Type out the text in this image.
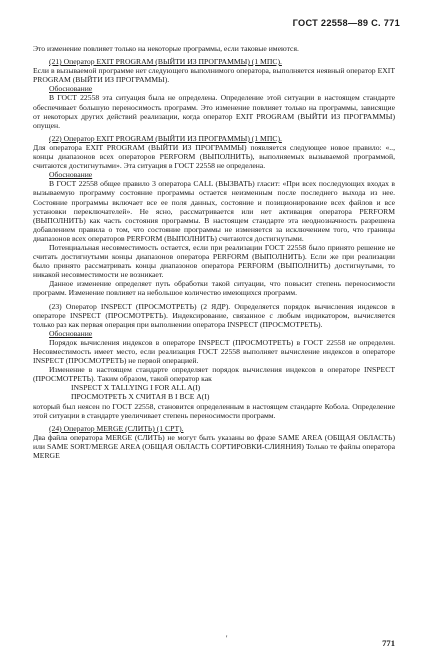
ГОСТ 22558—89 С. 771

Это изменение повлияет только на некоторые программы, если таковые имеются.

(21) Оператор EXIT PROGRAM (ВЫЙТИ ИЗ ПРОГРАММЫ) (1 МПС).

Если в вызываемой программе нет следующего выполнимого оператора, выполняется неявный оператор EXIT PROGRAM (ВЫЙТИ ИЗ ПРОГРАММЫ).

Обоснование

В ГОСТ 22558 эта ситуация была не определена. Определение этой ситуации в настоящем стандарте обеспечивает большую переносимость программ. Это изменение повлияет только на программы, зависящие от некоторых других действий реализации, когда оператор EXIT PROGRAM (ВЫЙТИ ИЗ ПРОГРАММЫ) опущен.

(22) Оператор EXIT PROGRAM (ВЫЙТИ ИЗ ПРОГРАММЫ) (1 МПС).

Для оператора EXIT PROGRAM (ВЫЙТИ ИЗ ПРОГРАММЫ) появляется следующее новое правило: «.., концы диапазонов всех операторов PERFORM (ВЫПОЛНИТЬ), выполняемых вызываемой программой, считаются достигнутыми». Эта ситуация в ГОСТ 22558 не определена.

Обоснование

В ГОСТ 22558 общее правило 3 оператора CALL (ВЫЗВАТЬ) гласит: «При всех последующих входах в вызываемую программу состояние программы остается неизменным после последнего выхода из нее. Состояние программы включает все ее поля данных, состояние и позиционирование всех файлов и все установки переключателей». Не ясно, рассматривается или нет активация оператора PERFORM (ВЫПОЛНИТЬ) как часть состояния программы. В настоящем стандарте эта неоднозначность разрешена добавлением правила о том, что состояние программы не изменяется за исключением того, что границы диапазонов всех операторов PERFORM (ВЫПОЛНИТЬ) считаются достигнутыми.

Потенциальная несовместимость остается, если при реализации ГОСТ 22558 было принято решение не считать достигнутыми концы диапазонов оператора PERFORM (ВЫПОЛНИТЬ). Если же при реализации было принято рассматривать концы диапазонов оператора PERFORM (ВЫПОЛНИТЬ) достигнутыми, то никакой несовместимости не возникает.

Данное изменение определяет путь обработки такой ситуации, что повысит степень переносимости программ. Изменение повлияет на небольшое количество имеющихся программ.

(23) Оператор INSPECT (ПРОСМОТРЕТЬ) (2 ЯДР). Определяется порядок вычисления индексов в операторе INSPECT (ПРОСМОТРЕТЬ). Индексирование, связанное с любым индикатором, вычисляется только раз как первая операция при выполнении оператора INSPECT (ПРОСМОТРЕТЬ).

Обоснование

Порядок вычисления индексов в операторе INSPECT (ПРОСМОТРЕТЬ) в ГОСТ 22558 не определен. Несовместимость имеет место, если реализация ГОСТ 22558 выполняет вычисление индексов в операторе INSPECT (ПРОСМОТРЕТЬ) не первой операцией.

Изменение в настоящем стандарте определяет порядок вычисления индексов в операторе INSPECT (ПРОСМОТРЕТЬ). Таким образом, такой оператор как

INSPECT X TALLYING I FOR ALL A(I)

ПРОСМОТРЕТЬ X СЧИТАЯ В I ВСЕ А(I)

который был неясен по ГОСТ 22558, становится определенным в настоящем стандарте Кобола. Определение этой ситуации в стандарте увеличивает степень переносимости программ.

(24) Оператор MERGE (СЛИТЬ) (1 СРТ).

Два файла оператора MERGE (СЛИТЬ) не могут быть указаны во фразе SAME AREA (ОБЩАЯ ОБЛАСТЬ) или SAME SORT/MERGE AREA (ОБЩАЯ ОБЛАСТЬ СОРТИРОВКИ-СЛИЯНИЯ) Только те файлы оператора MERGE

'	771
